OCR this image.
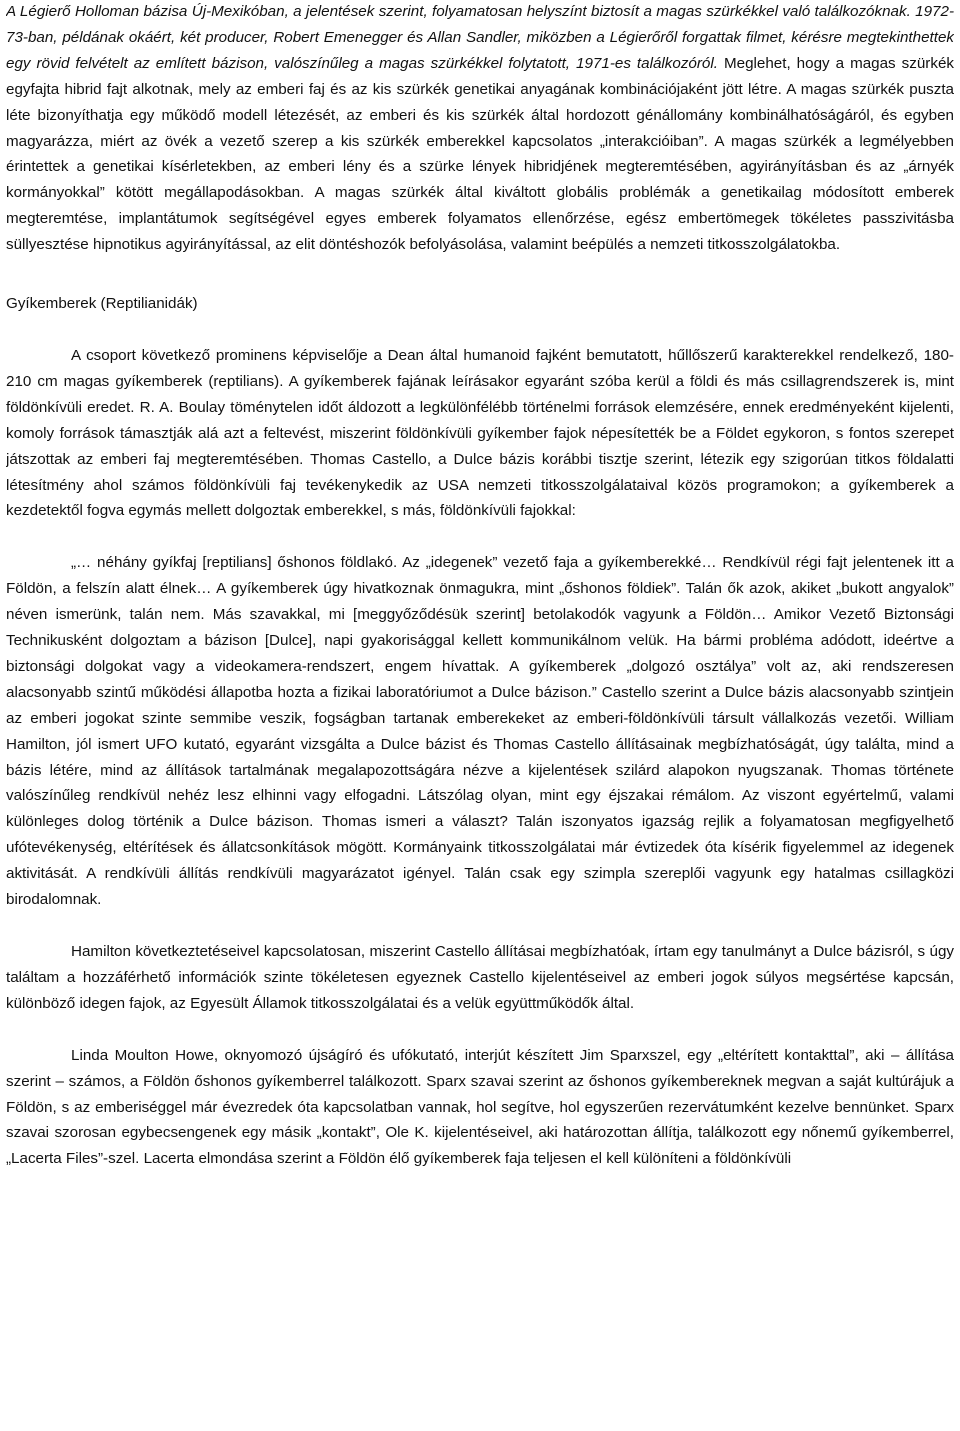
A Légierő Holloman bázisa Új-Mexikóban, a jelentések szerint, folyamatosan helyszínt biztosít a magas szürkékkel való találkozóknak. 1972-73-ban, példának okáért, két producer, Robert Emenegger és Allan Sandler, miközben a Légierőről forgattak filmet, kérésre megtekinthettek egy rövid felvételt az említett bázison, valószínűleg a magas szürkékkel folytatott, 1971-es találkozóról. Meglehet, hogy a magas szürkék egyfajta hibrid fajt alkotnak, mely az emberi faj és az kis szürkék genetikai anyagának kombinációjaként jött létre. A magas szürkék puszta léte bizonyíthatja egy működő modell létezését, az emberi és kis szürkék által hordozott génállomány kombinálhatóságáról, és egyben magyarázza, miért az övék a vezető szerep a kis szürkék emberekkel kapcsolatos „interakcióiban”. A magas szürkék a legmélyebben érintettek a genetikai kísérletekben, az emberi lény és a szürke lények hibridjének megteremtésében, agyirányításban és az „árnyék kormányokkal” kötött megállapodásokban. A magas szürkék által kiváltott globális problémák a genetikailag módosított emberek megteremtése, implantátumok segítségével egyes emberek folyamatos ellenőrzése, egész embertömegek tökéletes passzivitásba süllyesztése hipnotikus agyirányítással, az elit döntéshozók befolyásolása, valamint beépülés a nemzeti titkosszolgálatokba.

Gyíkemberek (Reptilianidák)

A csoport következő prominens képviselője a Dean által humanoid fajként bemutatott, hűllőszerű karakterekkel rendelkező, 180-210 cm magas gyíkemberek (reptilians). A gyíkemberek fajának leírásakor egyaránt szóba kerül a földi és más csillagrendszerek is, mint földönkívüli eredet. R. A. Boulay töménytelen időt áldozott a legkülönfélébb történelmi források elemzésére, ennek eredményeként kijelenti, komoly források támasztják alá azt a feltevést, miszerint földönkívüli gyíkember fajok népesítették be a Földet egykoron, s fontos szerepet játszottak az emberi faj megteremtésében. Thomas Castello, a Dulce bázis korábbi tisztje szerint, létezik egy szigorúan titkos földalatti létesítmény ahol számos földönkívüli faj tevékenykedik az USA nemzeti titkosszolgálataival közös programokon; a gyíkemberek a kezdetektől fogva egymás mellett dolgoztak emberekkel, s más, földönkívüli fajokkal:

„… néhány gyíkfaj [reptilians] őshonos földlakó. Az „idegenek” vezető faja a gyíkemberekké… Rendkívül régi fajt jelentenek itt a Földön, a felszín alatt élnek… A gyíkemberek úgy hivatkoznak önmagukra, mint „őshonos földiek”. Talán ők azok, akiket „bukott angyalok” néven ismerünk, talán nem. Más szavakkal, mi [meggyőződésük szerint] betolakodók vagyunk a Földön… Amikor Vezető Biztonsági Technikusként dolgoztam a bázison [Dulce], napi gyakorisággal kellett kommunikálnom velük. Ha bármi probléma adódott, ideértve a biztonsági dolgokat vagy a videokamera-rendszert, engem hívattak. A gyíkemberek „dolgozó osztálya” volt az, aki rendszeresen alacsonyabb szintű működési állapotba hozta a fizikai laboratóriumot a Dulce bázison.” Castello szerint a Dulce bázis alacsonyabb szintjein az emberi jogokat szinte semmibe veszik, fogságban tartanak emberekeket az emberi-földönkívüli társult vállalkozás vezetői. William Hamilton, jól ismert UFO kutató, egyaránt vizsgálta a Dulce bázist és Thomas Castello állításainak megbízhatóságát, úgy találta, mind a bázis létére, mind az állítások tartalmának megalapozottságára nézve a kijelentések szilárd alapokon nyugszanak. Thomas története valószínűleg rendkívül nehéz lesz elhinni vagy elfogadni. Látszólag olyan, mint egy éjszakai rémálom. Az viszont egyértelmű, valami különleges dolog történik a Dulce bázison. Thomas ismeri a választ? Talán iszonyatos igazság rejlik a folyamatosan megfigyelhető ufótevékenység, eltérítések és állatcsonkítások mögött. Kormányaink titkosszolgálatai már évtizedek óta kísérik figyelemmel az idegenek aktivitását. A rendkívüli állítás rendkívüli magyarázatot igényel. Talán csak egy szimpla szereplői vagyunk egy hatalmas csillagközi birodalomnak.

Hamilton következtetéseivel kapcsolatosan, miszerint Castello állításai megbízhatóak, írtam egy tanulmányt a Dulce bázisról, s úgy találtam a hozzáférhető információk szinte tökéletesen egyeznek Castello kijelentéseivel az emberi jogok súlyos megsértése kapcsán, különböző idegen fajok, az Egyesült Államok titkosszolgálatai és a velük együttműködők által.

Linda Moulton Howe, oknyomozó újságíró és ufókutató, interjút készített Jim Sparxszel, egy „eltérített kontakttal”, aki – állítása szerint – számos, a Földön őshonos gyíkemberrel találkozott. Sparx szavai szerint az őshonos gyíkembereknek megvan a saját kultúrájuk a Földön, s az emberiséggel már évezredek óta kapcsolatban vannak, hol segítve, hol egyszerűen rezervátumként kezelve bennünket. Sparx szavai szorosan egybecsengenek egy másik „kontakt”, Ole K. kijelentéseivel, aki határozottan állítja, találkozott egy nőnemű gyíkemberrel, „Lacerta Files”-szel. Lacerta elmondása szerint a Földön élő gyíkemberek faja teljesen el kell különíteni a földönkívüli
